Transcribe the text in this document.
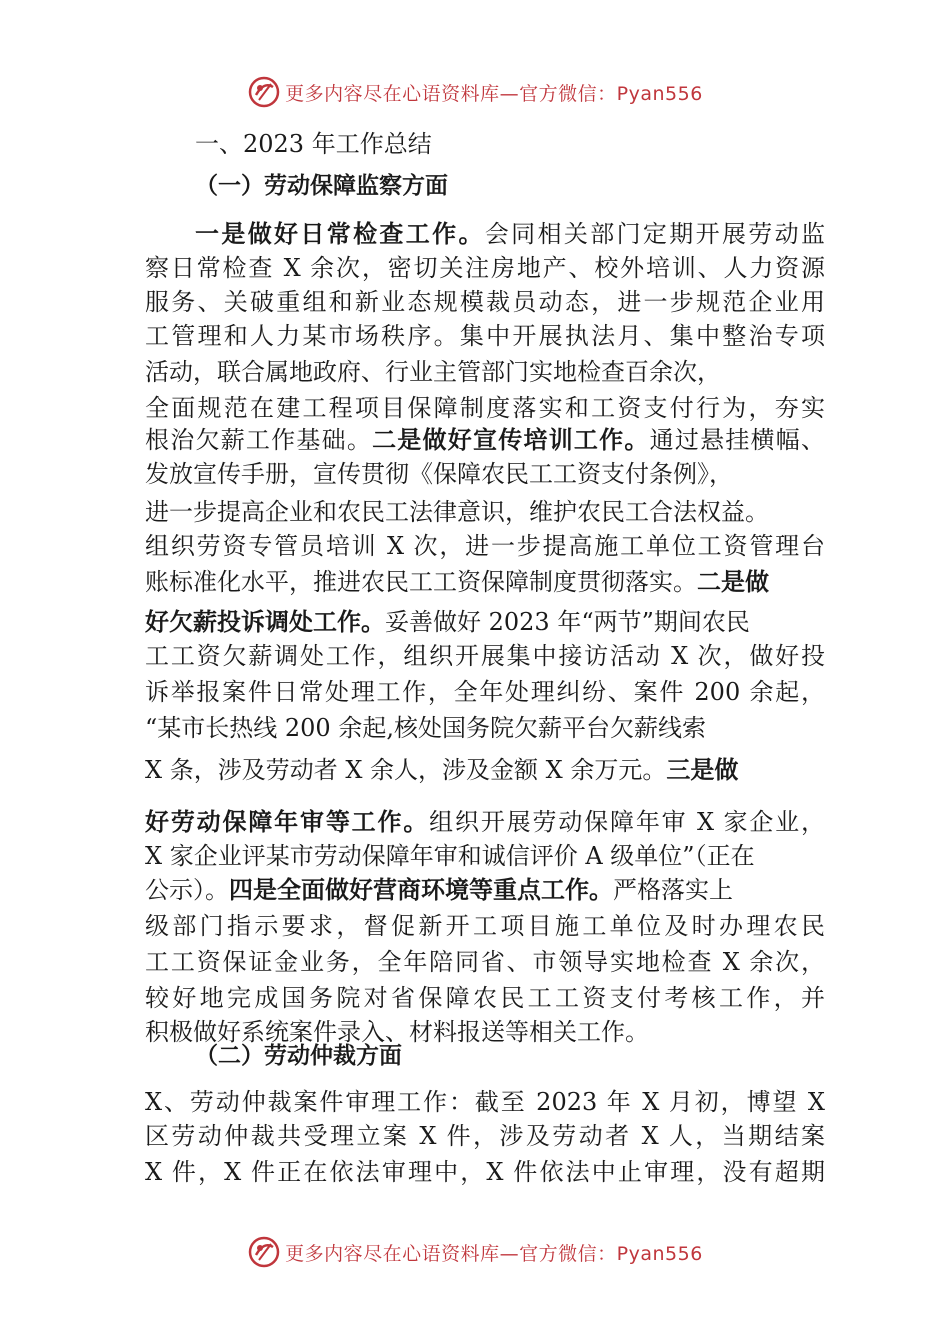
更多内容尽在心语资料库—官方微信：Pyan556
一、2023 年工作总结
（一）劳动保障监察方面
一是做好日常检查工作。会同相关部门定期开展劳动监
察日常检查 X 余次，密切关注房地产、校外培训、人力资源
服务、关破重组和新业态规模裁员动态，进一步规范企业用
工管理和人力某市场秩序。集中开展执法月、集中整治专项
活动，联合属地政府、行业主管部门实地检查百余次，
全面规范在建工程项目保障制度落实和工资支付行为，夯实
根治欠薪工作基础。二是做好宣传培训工作。通过悬挂横幅、
发放宣传手册，宣传贯彻《保障农民工工资支付条例》，
进一步提高企业和农民工法律意识，维护农民工合法权益。
组织劳资专管员培训 X 次，进一步提高施工单位工资管理台
账标准化水平，推进农民工工资保障制度贯彻落实。二是做
好欠薪投诉调处工作。妥善做好 2023 年“两节”期间农民
工工资欠薪调处工作，组织开展集中接访活动 X 次，做好投
诉举报案件日常处理工作，全年处理纠纷、案件 200 余起，
“某市长热线 200 余起,核处国务院欠薪平台欠薪线索
X 条，涉及劳动者 X 余人，涉及金额 X 余万元。三是做
好劳动保障年审等工作。组织开展劳动保障年审 X 家企业，
X 家企业评某市劳动保障年审和诚信评价 A 级单位”（正在
公示）。四是全面做好营商环境等重点工作。严格落实上
级部门指示要求，督促新开工项目施工单位及时办理农民
工工资保证金业务，全年陪同省、市领导实地检查 X 余次，
较好地完成国务院对省保障农民工工资支付考核工作，并
积极做好系统案件录入、材料报送等相关工作。
X、劳动仲裁案件审理工作：截至 2023 年 X 月初，博望 X
区劳动仲裁共受理立案 X 件，涉及劳动者 X 人，当期结案
X 件，X 件正在依法审理中，X 件依法中止审理，没有超期
（二）劳动仲裁方面
更多内容尽在心语资料库—官方微信：Pyan556
